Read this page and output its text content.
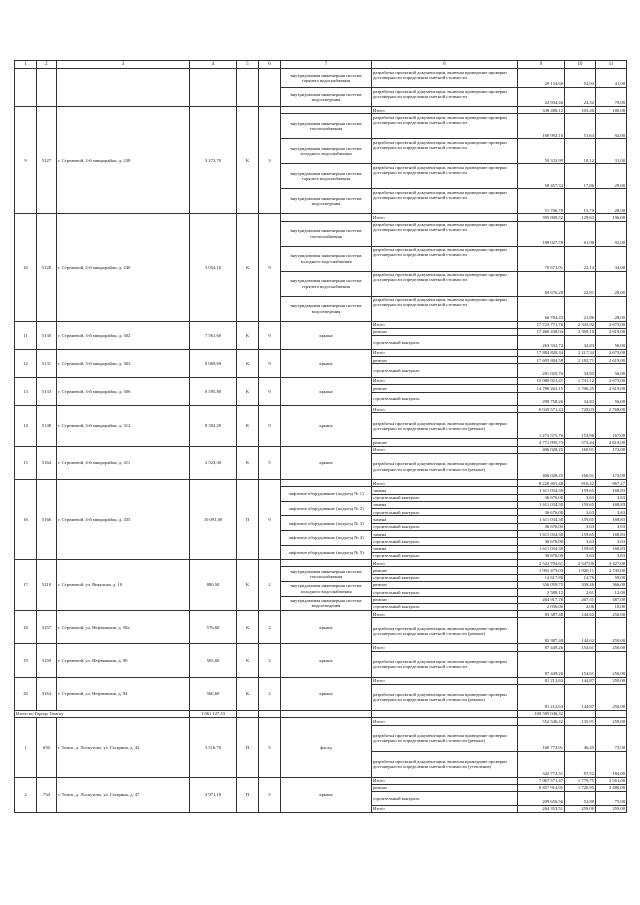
1	2	3	4	5	6	7	8	9	10	11
						внутридомовая инженерная система горячего водоснабжения	разработка проектной документации, включая проведение проверки достоверности определения сметной стоимости	29 134,60	52,03	41,00
						внутридомовая инженерная система водоотведения	разработка проектной документации, включая проведение проверки достоверности определения сметной стоимости	22 934,40	24,32	78,00
9	5127	г. Стрежевой, 2-й микрорайон, д. 238	3 273,70	К	3		Итого	338 488,12	103,40	180,00
						внутридомовая инженерная система теплоснабжения	разработка проектной документации, включая проведение проверки достоверности определения сметной стоимости	168 992,10	51,63	92,00
						внутридомовая инженерная система холодного водоснабжения	разработка проектной документации, включая проведение проверки достоверности определения сметной стоимости	59 333,99	18,12	31,00
						внутридомовая инженерная система горячего водоснабжения	разработка проектной документации, включая проведение проверки достоверности определения сметной стоимости	58 457,33	17,86	29,00
						внутридомовая инженерная система водоотведения	разработка проектной документации, включая проведение проверки достоверности определения сметной стоимости	51 706,70	15,79	28,00
10	5128	г. Стрежевой, 2-й микрорайон, д. 240	3 054,10	К	9		Итого	395 909,52	129,63	196,00
						внутридомовая инженерная система теплоснабжения	разработка проектной документации, включая проведение проверки достоверности определения сметной стоимости	189 027,78	61,90	92,00
						внутридомовая инженерная система холодного водоснабжения	разработка проектной документации, включая проведение проверки достоверности определения сметной стоимости	70 671,01	23,14	34,00
						внутридомовая инженерная система горячего водоснабжения	разработка проектной документации, включая проведение проверки достоверности определения сметной стоимости	69 676,28	22,81	29,00
						внутридомовая инженерная система водоотведения	разработка проектной документации, включая проведение проверки достоверности определения сметной стоимости	66 784,43	21,86	28,00
11	5130	г. Стрежевой, 3-й микрорайон, д. 302	7 561,60	К	9	крыша	Итого	17 723 771,76	2 343,92	2 675,00
							ремонт	17 460 438,04	2 309,10	2 619,00
							строительный контроль	263 332,72	34,83	56,00
12	5131	г. Стрежевой, 3-й микрорайон, д. 303	8 069,69	К	9	крыша	Итого	17 884 820,34	2 217,34	2 675,00
							ремонт	17 603 804,58	2 182,71	2 619,00
							строительный контроль	281 025,76	34,83	56,00
13	5133	г. Стрежевой, 3-й микрорайон, д. 306	8 595,80	К	9	крыша	Итого	15 080 021,41	1 741,12	2 675,00
							ремонт	14 780 263,15	1 706,25	2 619,00
							строительный контроль	299 758,26	34,83	56,00
14	5148	г. Стрежевой, 3-й микрорайон, д. 312	8 392,20	К	9	крыша	Итого	6 045 571,43	729,03	2 768,00
							разработка проектной документации, включая проведение проверки достоверности определения сметной стоимости (ремонт)	1 273 575,70	153,98	167,00
							ремонт	4 771 995,73	573,44	2 619,00
15	5164	г. Стрежевой, 4-й микрорайон, д. 411	2 523,30	К	5	крыша	Итого	406 028,25	160,91	172,00
							разработка проектной документации, включая проведение проверки достоверности определения сметной стоимости (ремонт)	406 028,25	160,91	172,00
16	5166	г. Стрежевой, 4-й микрорайон, д. 435	10 091,00	П	9		Итого	8 228 401,48	816,42	867,27
						лифтовое оборудование (подъезд № 1)	замена	1 611 034,30	159,65	168,83
							строительный контроль	36 676,00	3,63	3,63
						лифтовое оборудование (подъезд № 2)	замена	1 611 034,30	159,65	168,83
							строительный контроль	36 676,00	3,63	3,63
						лифтовое оборудование (подъезд № 3)	замена	1 611 034,30	159,65	168,83
							строительный контроль	36 676,00	3,63	3,63
						лифтовое оборудование (подъезд № 4)	замена	1 611 034,30	159,65	168,83
							строительный контроль	36 676,00	3,63	3,63
						лифтовое оборудование (подъезд № 5)	замена	1 611 034,30	159,65	168,83
							строительный контроль	36 676,00	3,63	3,63
17	5210	г. Стрежевой, ул. Викулова, д. 10	880,50	К	2		Итого	2 522 794,61	2 547,00	3 427,00
						внутридомовая инженерная система теплоснабжения	ремонт	1 901 475,03	1 920,11	2 743,00
							строительный контроль	14 617,86	14,76	59,00
						внутридомовая инженерная система холодного водоснабжения	ремонт	336 059,75	339,46	366,00
							строительный контроль	2 588,12	2,61	12,00
						внутридомовая инженерная система водоотведения	ремонт	264 917,78	267,51	487,00
							строительный контроль	2 036,06	2,06	10,00
18	5257	г. Стрежевой, ул. Нефтяников, д. 58а	576,60	К	2	крыша	Итого	83 387,48	144,62	250,00
							разработка проектной документации, включая проведение проверки достоверности определения сметной стоимости (ремонт)	83 387,48	144,62	250,00
19	5259	г. Стрежевой, ул. Нефтяников, д. 90	565,60	К	2	крыша	Итого	87 449,26	154,61	250,00
							разработка проектной документации, включая проведение проверки достоверности определения сметной стоимости	87 449,26	154,61	250,00
20	5263	г. Стрежевой, ул. Нефтяников, д. 94	560,60	К	2	крыша	Итого	81 212,63	144,87	250,00
							разработка проектной документации, включая проведение проверки достоверности определения сметной стоимости (ремонт)	81 212,63	144,87	250,00
Итого по Городу Томску			1 061 127,53					100 585 046,32		
1	650	г. Томск, д. Лоскутово, ул. Гагарина, д. 43	3 516,70	П	5	фасад	Итого	552 546,42	135,91	259,00
							разработка проектной документации, включая проведение проверки достоверности определения сметной стоимости (ремонт)	160 773,91	46,45	75,00
							разработка проектной документации, включая проведение проверки достоверности определения сметной стоимости (утепление)	342 772,51	87,52	184,00
2	734	г. Томск, д. Лоскутово, ул. Гагарина, д. 47	3 971,10	П	5	крыша	Итого	7 067 571,47	1 779,75	3 561,00
							ремонт	6 857 914,91	1 726,95	3 486,00
							строительный контроль	209 656,56	52,80	75,00
							Итого	264 353,51	259,00	259,00
